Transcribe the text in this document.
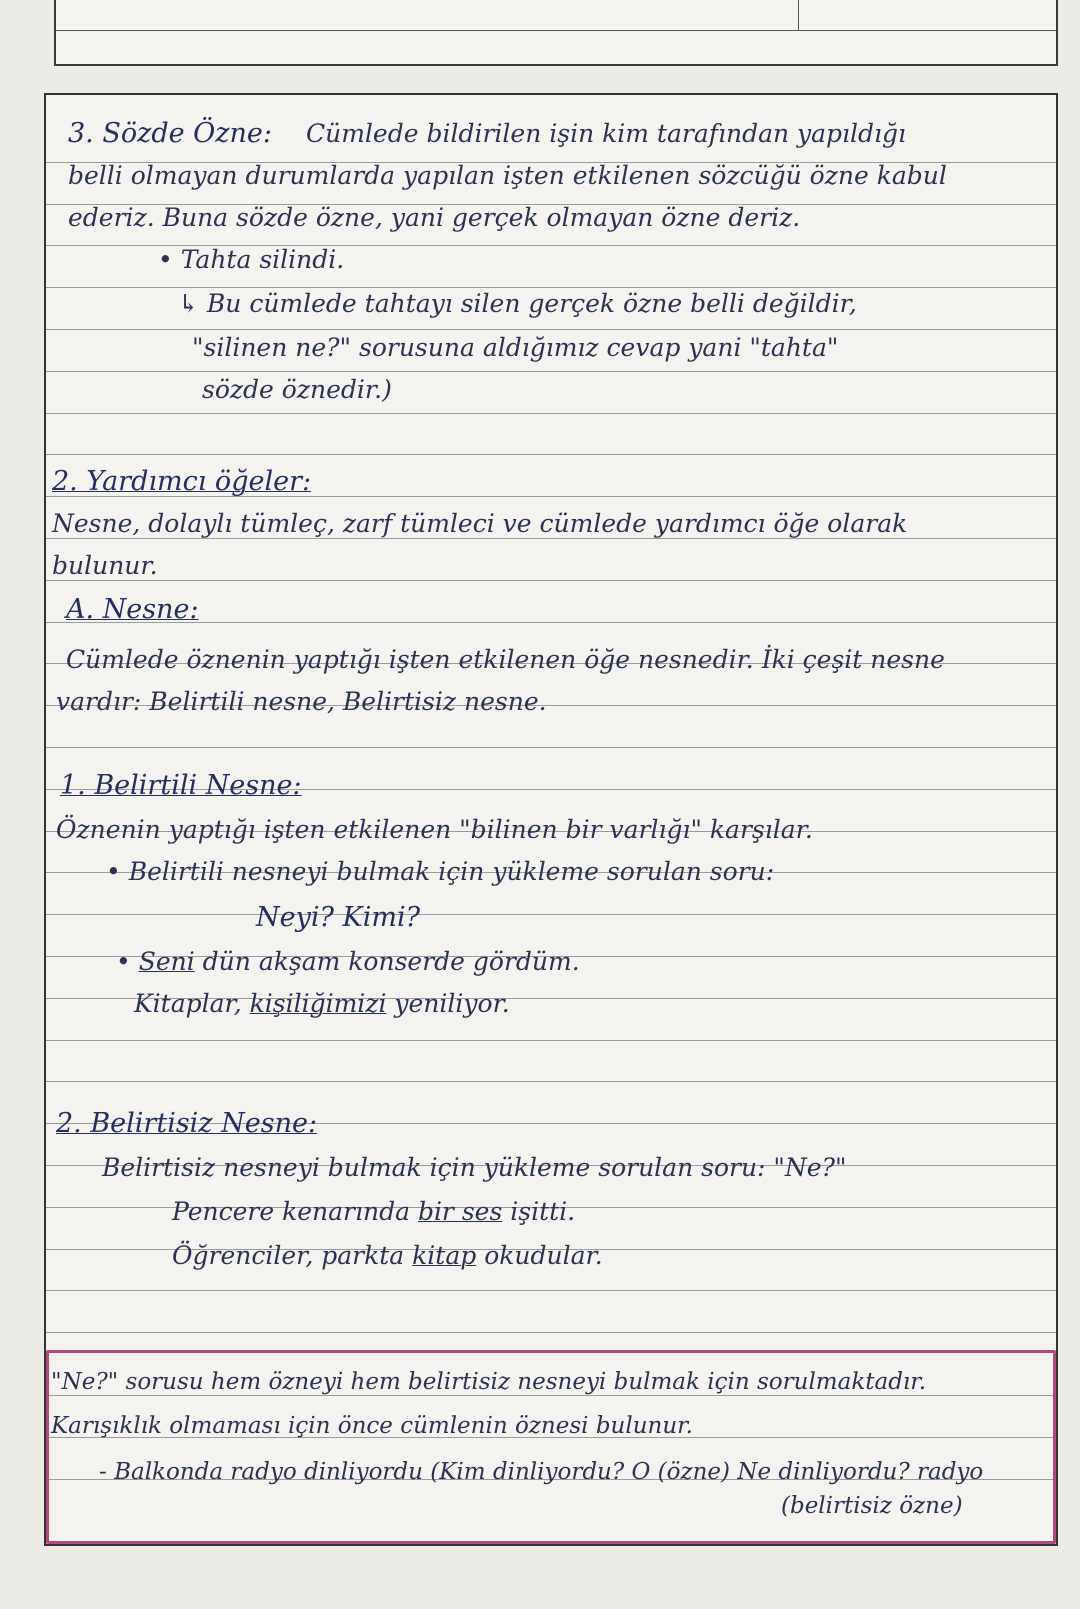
3. Sözde Özne: Cümlede bildirilen işin kim tarafından yapıldığı
belli olmayan durumlarda yapılan işten etkilenen sözcüğü özne kabul
ederiz. Buna sözde özne, yani gerçek olmayan özne deriz.
• Tahta silindi.
↳ Bu cümlede tahtayı silen gerçek özne belli değildir,
"silinen ne?" sorusuna aldığımız cevap yani "tahta"
sözde öznedir.)
2. Yardımcı öğeler:
Nesne, dolaylı tümleç, zarf tümleci ve cümlede yardımcı öğe olarak
bulunur.
A. Nesne:
Cümlede öznenin yaptığı işten etkilenen öğe nesnedir. İki çeşit nesne
vardır: Belirtili nesne, Belirtisiz nesne.
1. Belirtili Nesne:
Öznenin yaptığı işten etkilenen "bilinen bir varlığı" karşılar.
• Belirtili nesneyi bulmak için yükleme sorulan soru:
Neyi? Kimi?
• Seni dün akşam konserde gördüm.
Kitaplar, kişiliğimizi yeniliyor.
2. Belirtisiz Nesne:
Belirtisiz nesneyi bulmak için yükleme sorulan soru: "Ne?"
Pencere kenarında bir ses işitti.
Öğrenciler, parkta kitap okudular.
"Ne?" sorusu hem özneyi hem belirtisiz nesneyi bulmak için sorulmaktadır.
Karışıklık olmaması için önce cümlenin öznesi bulunur.
- Balkonda radyo dinliyordu (Kim dinliyordu? O (özne) Ne dinliyordu? radyo
(belirtisiz özne)
